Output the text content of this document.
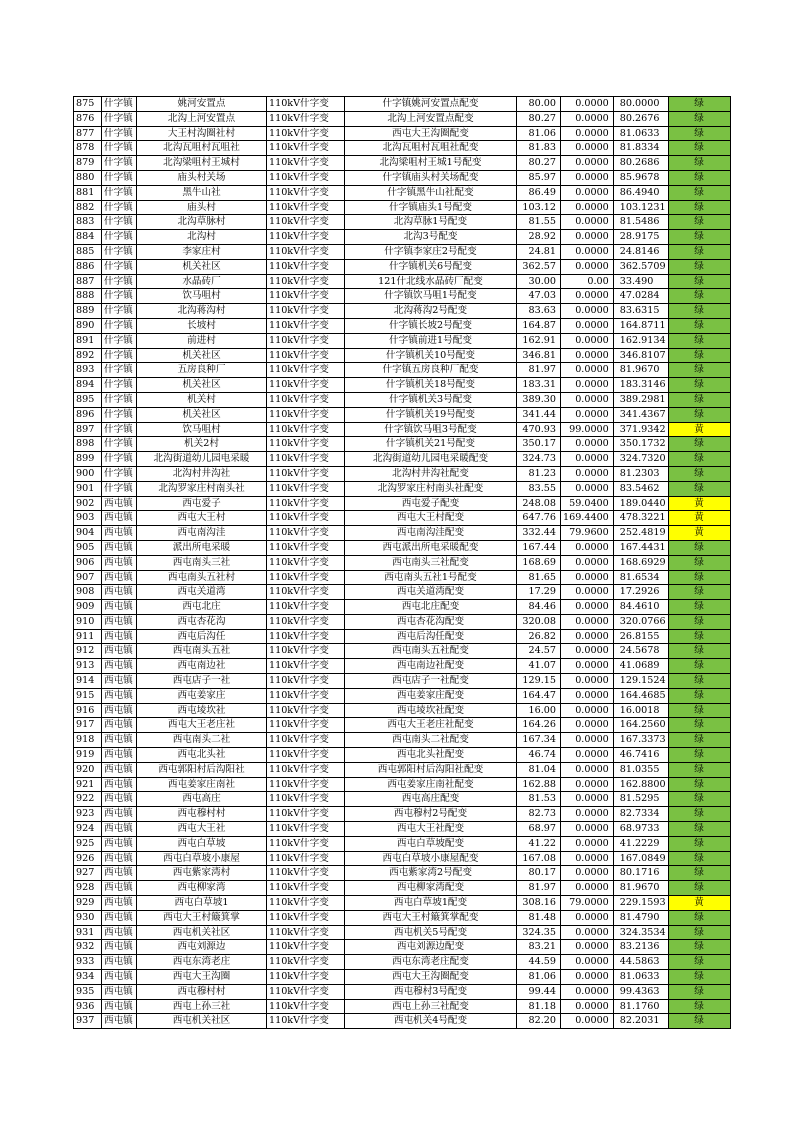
875	什字镇	姚河安置点	110kV什字变	什字镇姚河安置点配变	80.00	0.0000	80.0000	绿
876	什字镇	北沟上河安置点	110kV什字变	北沟上河安置点配变	80.27	0.0000	80.2676	绿
877	什字镇	大王村沟圈社村	110kV什字变	西屯大王沟圈配变	81.06	0.0000	81.0633	绿
878	什字镇	北沟瓦咀村瓦咀社	110kV什字变	北沟瓦咀村瓦咀社配变	81.83	0.0000	81.8334	绿
879	什字镇	北沟梁咀村王城村	110kV什字变	北沟梁咀村王城1号配变	80.27	0.0000	80.2686	绿
880	什字镇	庙头村关场	110kV什字变	什字镇庙头村关场配变	85.97	0.0000	85.9678	绿
881	什字镇	黑牛山社	110kV什字变	什字镇黑牛山社配变	86.49	0.0000	86.4940	绿
882	什字镇	庙头村	110kV什字变	什字镇庙头1号配变	103.12	0.0000	103.1231	绿
883	什字镇	北沟草脉村	110kV什字变	北沟草脉1号配变	81.55	0.0000	81.5486	绿
884	什字镇	北沟村	110kV什字变	北沟3号配变	28.92	0.0000	28.9175	绿
885	什字镇	李家庄村	110kV什字变	什字镇李家庄2号配变	24.81	0.0000	24.8146	绿
886	什字镇	机关社区	110kV什字变	什字镇机关6号配变	362.57	0.0000	362.5709	绿
887	什字镇	水晶砖厂	110kV什字变	121什北线水晶砖厂配变	30.00	0.00	33.490	绿
888	什字镇	饮马咀村	110kV什字变	什字镇饮马咀1号配变	47.03	0.0000	47.0284	绿
889	什字镇	北沟蒋沟村	110kV什字变	北沟蒋沟2号配变	83.63	0.0000	83.6315	绿
890	什字镇	长坡村	110kV什字变	什字镇长坡2号配变	164.87	0.0000	164.8711	绿
891	什字镇	前进村	110kV什字变	什字镇前进1号配变	162.91	0.0000	162.9134	绿
892	什字镇	机关社区	110kV什字变	什字镇机关10号配变	346.81	0.0000	346.8107	绿
893	什字镇	五房良种厂	110kV什字变	什字镇五房良种厂配变	81.97	0.0000	81.9670	绿
894	什字镇	机关社区	110kV什字变	什字镇机关18号配变	183.31	0.0000	183.3146	绿
895	什字镇	机关村	110kV什字变	什字镇机关3号配变	389.30	0.0000	389.2981	绿
896	什字镇	机关社区	110kV什字变	什字镇机关19号配变	341.44	0.0000	341.4367	绿
897	什字镇	饮马咀村	110kV什字变	什字镇饮马咀3号配变	470.93	99.0000	371.9342	黄
898	什字镇	机关2村	110kV什字变	什字镇机关21号配变	350.17	0.0000	350.1732	绿
899	什字镇	北沟街道幼儿园电采暖	110kV什字变	北沟街道幼儿园电采暖配变	324.73	0.0000	324.7320	绿
900	什字镇	北沟村井沟社	110kV什字变	北沟村井沟社配变	81.23	0.0000	81.2303	绿
901	什字镇	北沟罗家庄村南头社	110kV什字变	北沟罗家庄村南头社配变	83.55	0.0000	83.5462	绿
902	西屯镇	西屯爱子	110kV什字变	西屯爱子配变	248.08	59.0400	189.0440	黄
903	西屯镇	西屯大王村	110kV什字变	西屯大王村配变	647.76	169.4400	478.3221	黄
904	西屯镇	西屯南沟洼	110kV什字变	西屯南沟洼配变	332.44	79.9600	252.4819	黄
905	西屯镇	派出所电采暖	110kV什字变	西屯派出所电采暖配变	167.44	0.0000	167.4431	绿
906	西屯镇	西屯南头三社	110kV什字变	西屯南头三社配变	168.69	0.0000	168.6929	绿
907	西屯镇	西屯南头五社村	110kV什字变	西屯南头五社1号配变	81.65	0.0000	81.6534	绿
908	西屯镇	西屯关道湾	110kV什字变	西屯关道湾配变	17.29	0.0000	17.2926	绿
909	西屯镇	西屯北庄	110kV什字变	西屯北庄配变	84.46	0.0000	84.4610	绿
910	西屯镇	西屯杏花沟	110kV什字变	西屯杏花沟配变	320.08	0.0000	320.0766	绿
911	西屯镇	西屯后沟任	110kV什字变	西屯后沟任配变	26.82	0.0000	26.8155	绿
912	西屯镇	西屯南头五社	110kV什字变	西屯南头五社配变	24.57	0.0000	24.5678	绿
913	西屯镇	西屯南边社	110kV什字变	西屯南边社配变	41.07	0.0000	41.0689	绿
914	西屯镇	西屯店子一社	110kV什字变	西屯店子一社配变	129.15	0.0000	129.1524	绿
915	西屯镇	西屯姜家庄	110kV什字变	西屯姜家庄配变	164.47	0.0000	164.4685	绿
916	西屯镇	西屯堎坎社	110kV什字变	西屯堎坎社配变	16.00	0.0000	16.0018	绿
917	西屯镇	西屯大王老庄社	110kV什字变	西屯大王老庄社配变	164.26	0.0000	164.2560	绿
918	西屯镇	西屯南头二社	110kV什字变	西屯南头二社配变	167.34	0.0000	167.3373	绿
919	西屯镇	西屯北头社	110kV什字变	西屯北头社配变	46.74	0.0000	46.7416	绿
920	西屯镇	西屯郭阳村后沟阳社	110kV什字变	西屯郭阳村后沟阳社配变	81.04	0.0000	81.0355	绿
921	西屯镇	西屯姜家庄南社	110kV什字变	西屯姜家庄南社配变	162.88	0.0000	162.8800	绿
922	西屯镇	西屯高庄	110kV什字变	西屯高庄配变	81.53	0.0000	81.5295	绿
923	西屯镇	西屯穆村村	110kV什字变	西屯穆村2号配变	82.73	0.0000	82.7334	绿
924	西屯镇	西屯大王社	110kV什字变	西屯大王社配变	68.97	0.0000	68.9733	绿
925	西屯镇	西屯白草坡	110kV什字变	西屯白草坡配变	41.22	0.0000	41.2229	绿
926	西屯镇	西屯白草坡小康屋	110kV什字变	西屯白草坡小康屋配变	167.08	0.0000	167.0849	绿
927	西屯镇	西屯紫家湾村	110kV什字变	西屯紫家湾2号配变	80.17	0.0000	80.1716	绿
928	西屯镇	西屯柳家湾	110kV什字变	西屯柳家湾配变	81.97	0.0000	81.9670	绿
929	西屯镇	西屯白草坡1	110kV什字变	西屯白草坡1配变	308.16	79.0000	229.1593	黄
930	西屯镇	西屯大王村簸箕掌	110kV什字变	西屯大王村簸箕掌配变	81.48	0.0000	81.4790	绿
931	西屯镇	西屯机关社区	110kV什字变	西屯机关5号配变	324.35	0.0000	324.3534	绿
932	西屯镇	西屯刘源边	110kV什字变	西屯刘源边配变	83.21	0.0000	83.2136	绿
933	西屯镇	西屯东湾老庄	110kV什字变	西屯东湾老庄配变	44.59	0.0000	44.5863	绿
934	西屯镇	西屯大王沟圈	110kV什字变	西屯大王沟圈配变	81.06	0.0000	81.0633	绿
935	西屯镇	西屯穆村村	110kV什字变	西屯穆村3号配变	99.44	0.0000	99.4363	绿
936	西屯镇	西屯上孙三社	110kV什字变	西屯上孙三社配变	81.18	0.0000	81.1760	绿
937	西屯镇	西屯机关社区	110kV什字变	西屯机关4号配变	82.20	0.0000	82.2031	绿
